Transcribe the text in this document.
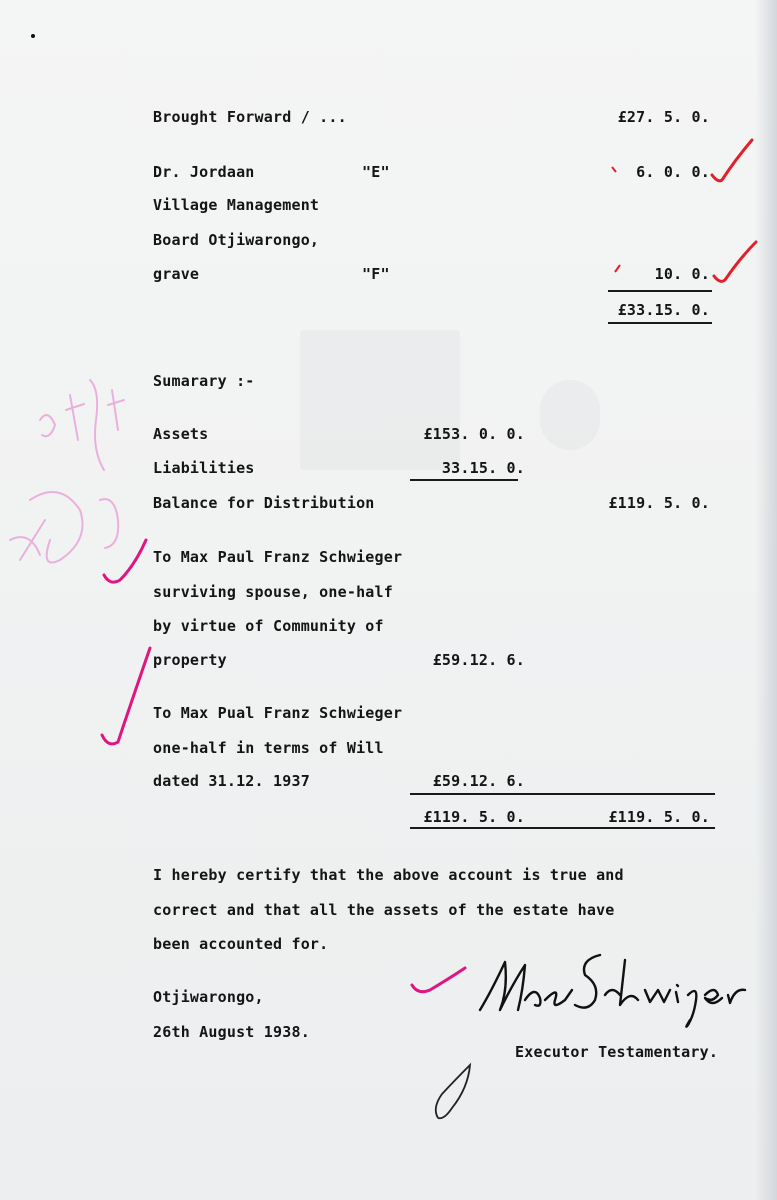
Brought Forward / ...	£27. 5. 0.
Dr. Jordaan	"E"	6. 0. 0.
Village Management
Board Otjiwarongo,
grave	"F"	10. 0.
£33.15. 0.
Sumarary :-
Assets	£153. 0. 0.
Liabilities	33.15. 0.
Balance for Distribution	£119. 5. 0.
To Max Paul Franz Schwieger
surviving spouse, one-half
by virtue of Community of
property	£59.12. 6.
To Max Pual Franz Schwieger
one-half in terms of Will
dated 31.12. 1937	£59.12. 6.
£119. 5. 0.	£119. 5. 0.
I hereby certify that the above account is true and
correct and that all the assets of the estate have
been accounted for.
Otjiwarongo,
26th August 1938.
Executor Testamentary.
